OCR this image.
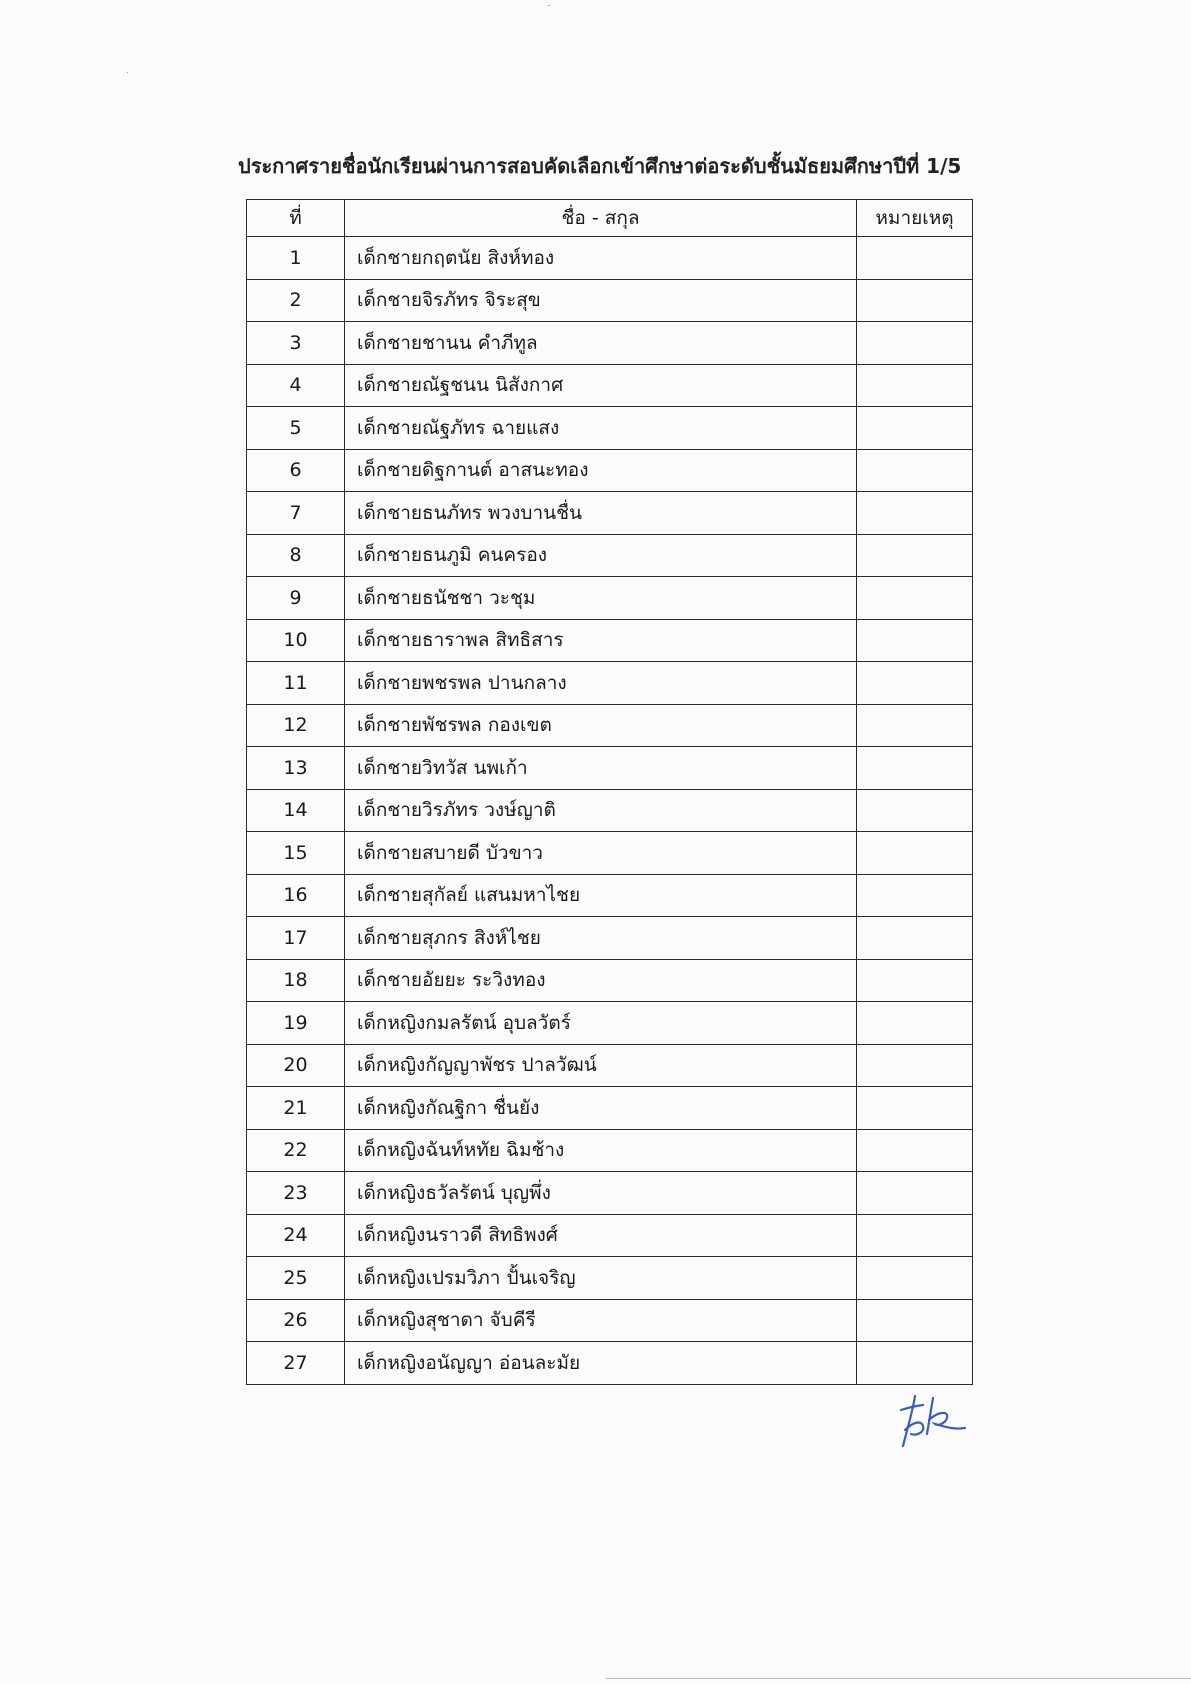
ประกาศรายชื่อนักเรียนผ่านการสอบคัดเลือกเข้าศึกษาต่อระดับชั้นมัธยมศึกษาปีที่ 1/5
ที่	ชื่อ - สกุล	หมายเหตุ
1	เด็กชายกฤตนัย สิงห์ทอง	
2	เด็กชายจิรภัทร จิระสุข	
3	เด็กชายชานน คำภีทูล	
4	เด็กชายณัฐชนน นิสังกาศ	
5	เด็กชายณัฐภัทร ฉายแสง	
6	เด็กชายดิฐกานต์ อาสนะทอง	
7	เด็กชายธนภัทร พวงบานชื่น	
8	เด็กชายธนภูมิ คนครอง	
9	เด็กชายธนัชชา วะชุม	
10	เด็กชายธาราพล สิทธิสาร	
11	เด็กชายพชรพล ปานกลาง	
12	เด็กชายพัชรพล กองเขต	
13	เด็กชายวิทวัส นพเก้า	
14	เด็กชายวิรภัทร วงษ์ญาติ	
15	เด็กชายสบายดี บัวขาว	
16	เด็กชายสุกัลย์ แสนมหาไชย	
17	เด็กชายสุภกร สิงห์ไชย	
18	เด็กชายอัยยะ ระวิงทอง	
19	เด็กหญิงกมลรัตน์ อุบลวัตร์	
20	เด็กหญิงกัญญาพัชร ปาลวัฒน์	
21	เด็กหญิงกัณฐิกา ชื่นยัง	
22	เด็กหญิงฉันท์หทัย ฉิมช้าง	
23	เด็กหญิงธวัลรัตน์ บุญพึ่ง	
24	เด็กหญิงนราวดี สิทธิพงศ์	
25	เด็กหญิงเปรมวิภา ปั้นเจริญ	
26	เด็กหญิงสุชาดา จับคีรี	
27	เด็กหญิงอนัญญา อ่อนละมัย	
